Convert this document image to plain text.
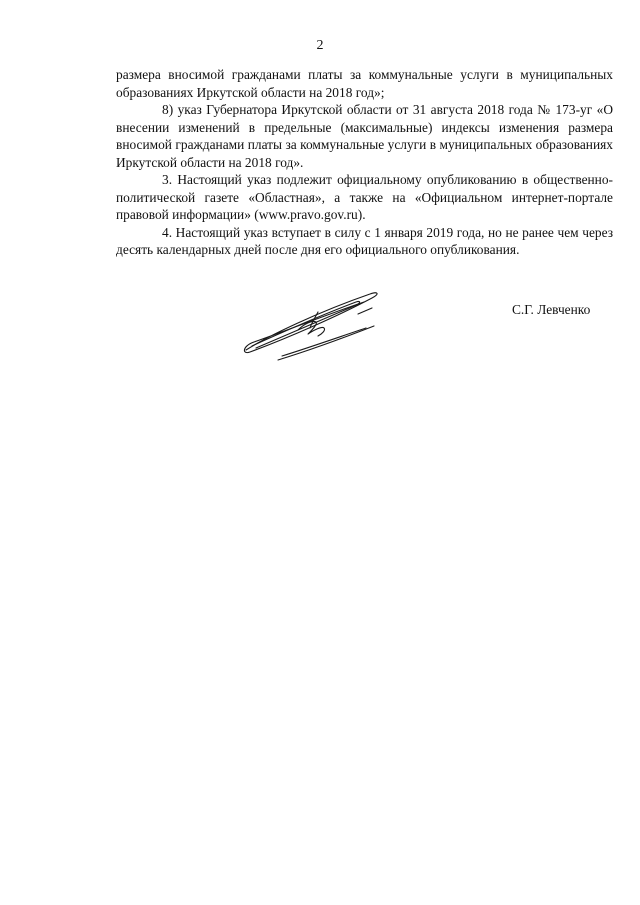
2

размера вносимой гражданами платы за коммунальные услуги в муниципальных образованиях Иркутской области на 2018 год»;

8) указ Губернатора Иркутской области от 31 августа 2018 года № 173-уг «О внесении изменений в предельные (максимальные) индексы изменения размера вносимой гражданами платы за коммунальные услуги в муниципальных образованиях Иркутской области на 2018 год».

3. Настоящий указ подлежит официальному опубликованию в общественно-политической газете «Областная», а также на «Официальном интернет-портале правовой информации» (www.pravo.gov.ru).

4. Настоящий указ вступает в силу с 1 января 2019 года, но не ранее чем через десять календарных дней после дня его официального опубликования.

С.Г. Левченко
